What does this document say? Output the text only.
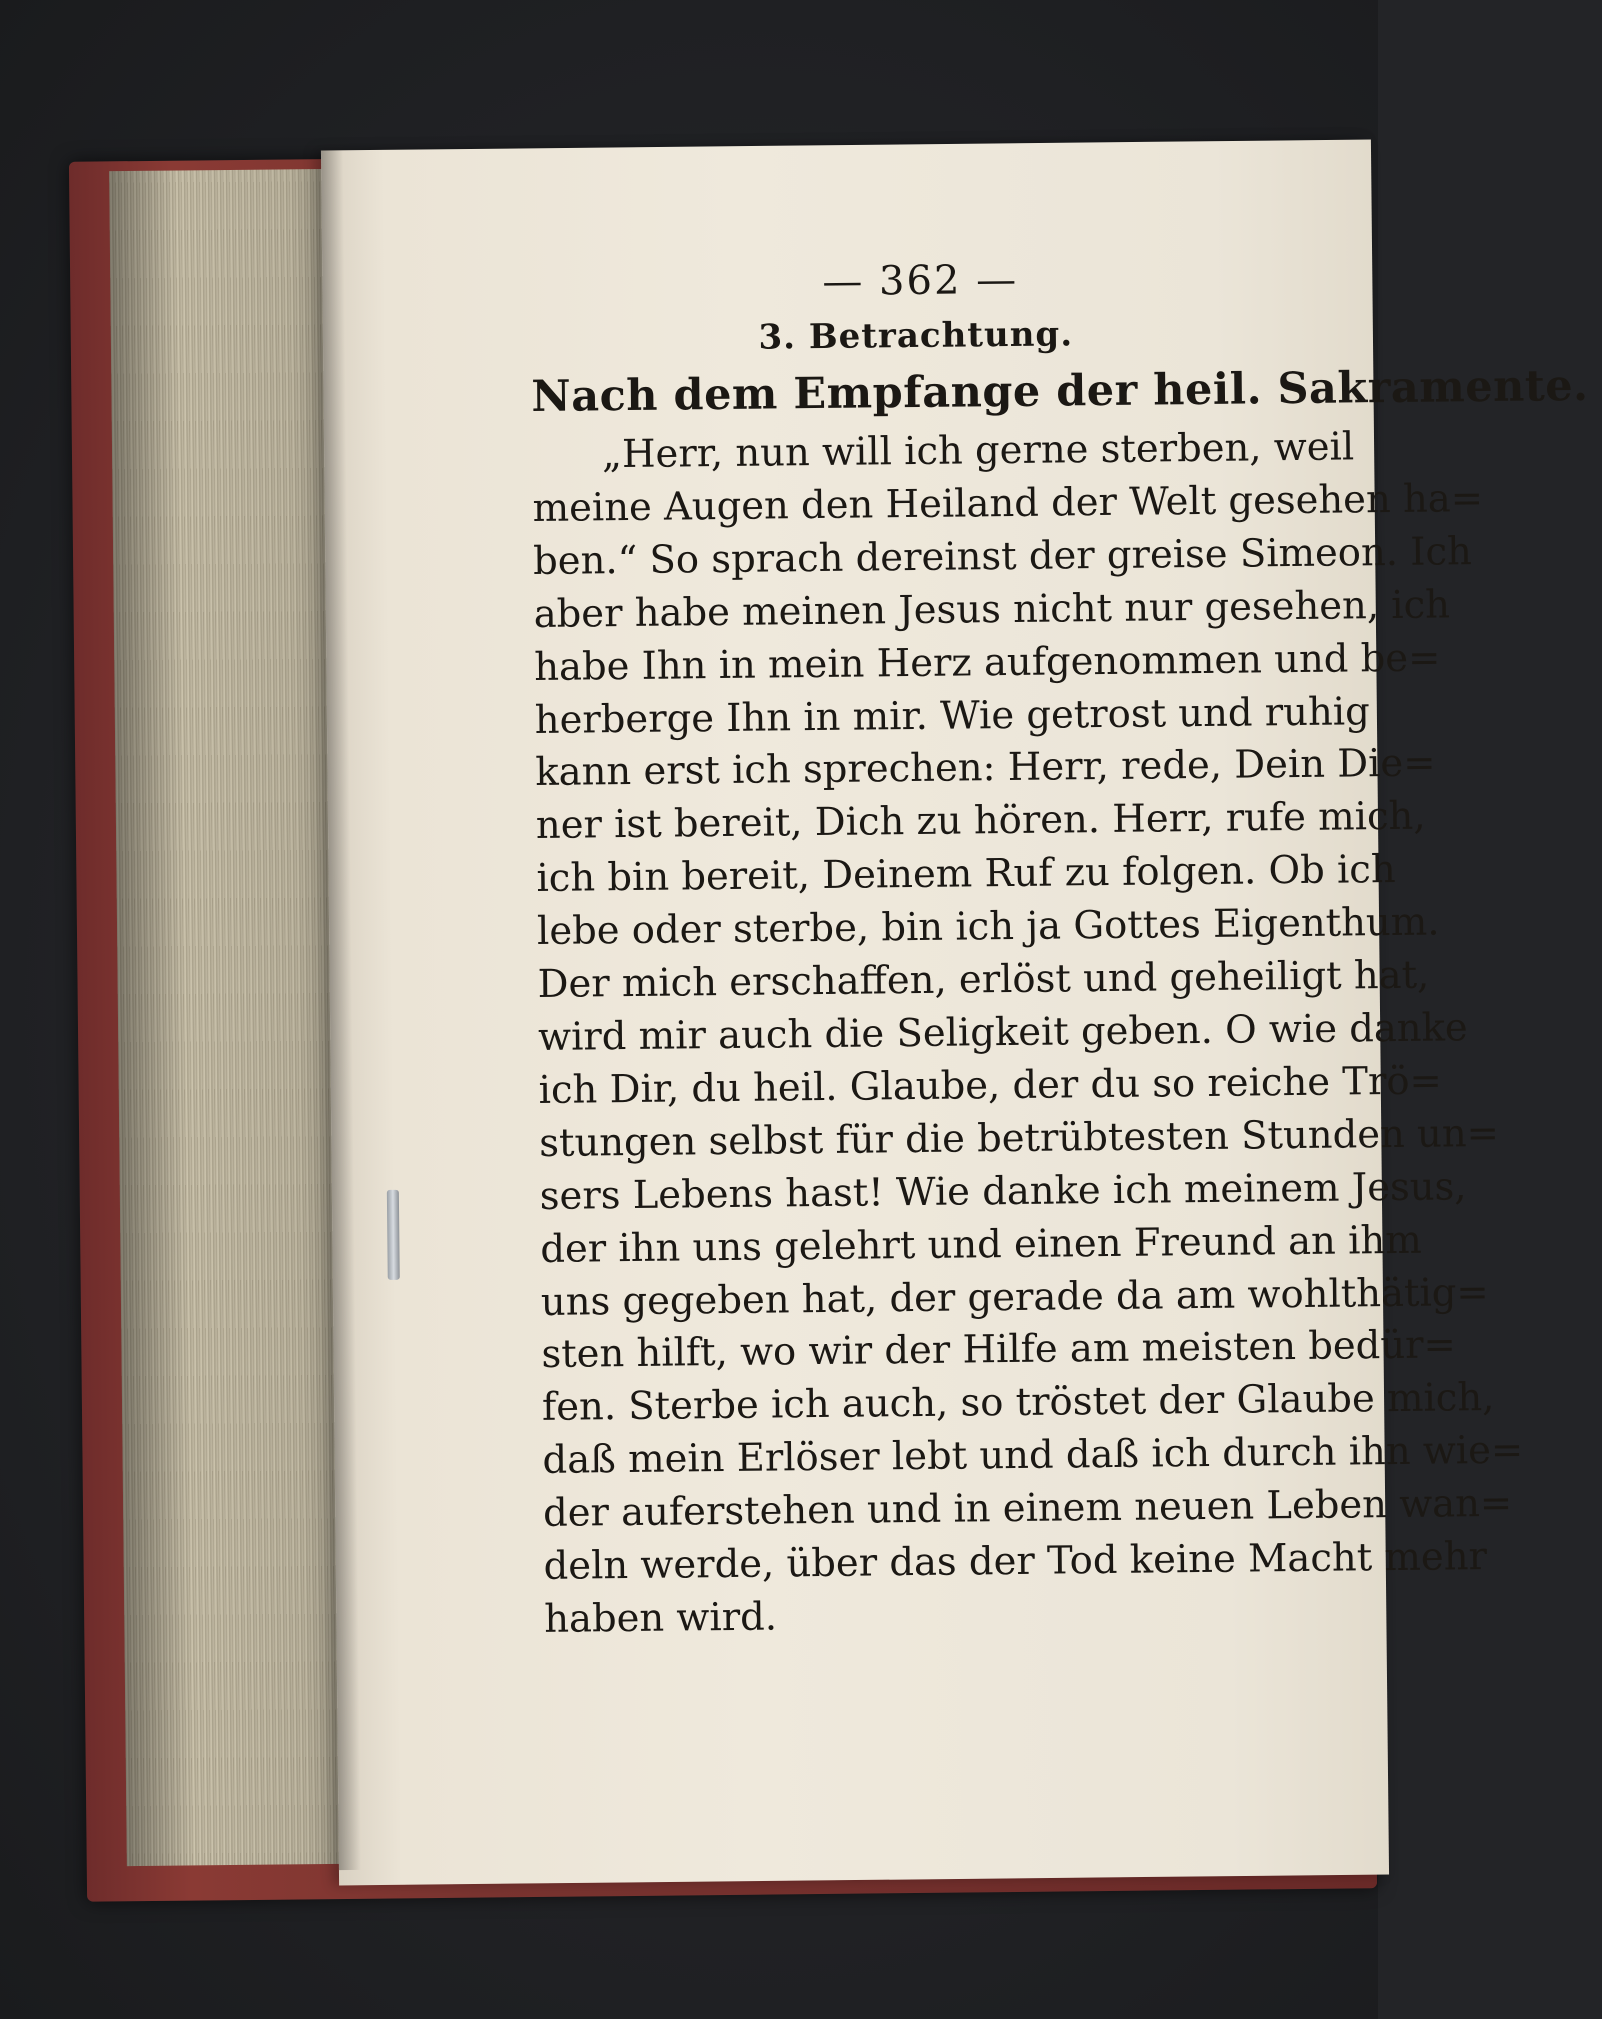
— 362 —
3. Betrachtung.
Nach dem Empfange der heil. Sakramente.
„Herr, nun will ich gerne sterben, weil
meine Augen den Heiland der Welt gesehen ha=
ben.“ So sprach dereinst der greise Simeon. Ich
aber habe meinen Jesus nicht nur gesehen, ich
habe Ihn in mein Herz aufgenommen und be=
herberge Ihn in mir. Wie getrost und ruhig
kann erst ich sprechen: Herr, rede, Dein Die=
ner ist bereit, Dich zu hören. Herr, rufe mich,
ich bin bereit, Deinem Ruf zu folgen. Ob ich
lebe oder sterbe, bin ich ja Gottes Eigenthum.
Der mich erschaffen, erlöst und geheiligt hat,
wird mir auch die Seligkeit geben. O wie danke
ich Dir, du heil. Glaube, der du so reiche Trö=
stungen selbst für die betrübtesten Stunden un=
sers Lebens hast! Wie danke ich meinem Jesus,
der ihn uns gelehrt und einen Freund an ihm
uns gegeben hat, der gerade da am wohlthätig=
sten hilft, wo wir der Hilfe am meisten bedür=
fen. Sterbe ich auch, so tröstet der Glaube mich,
daß mein Erlöser lebt und daß ich durch ihn wie=
der auferstehen und in einem neuen Leben wan=
deln werde, über das der Tod keine Macht mehr
haben wird.
